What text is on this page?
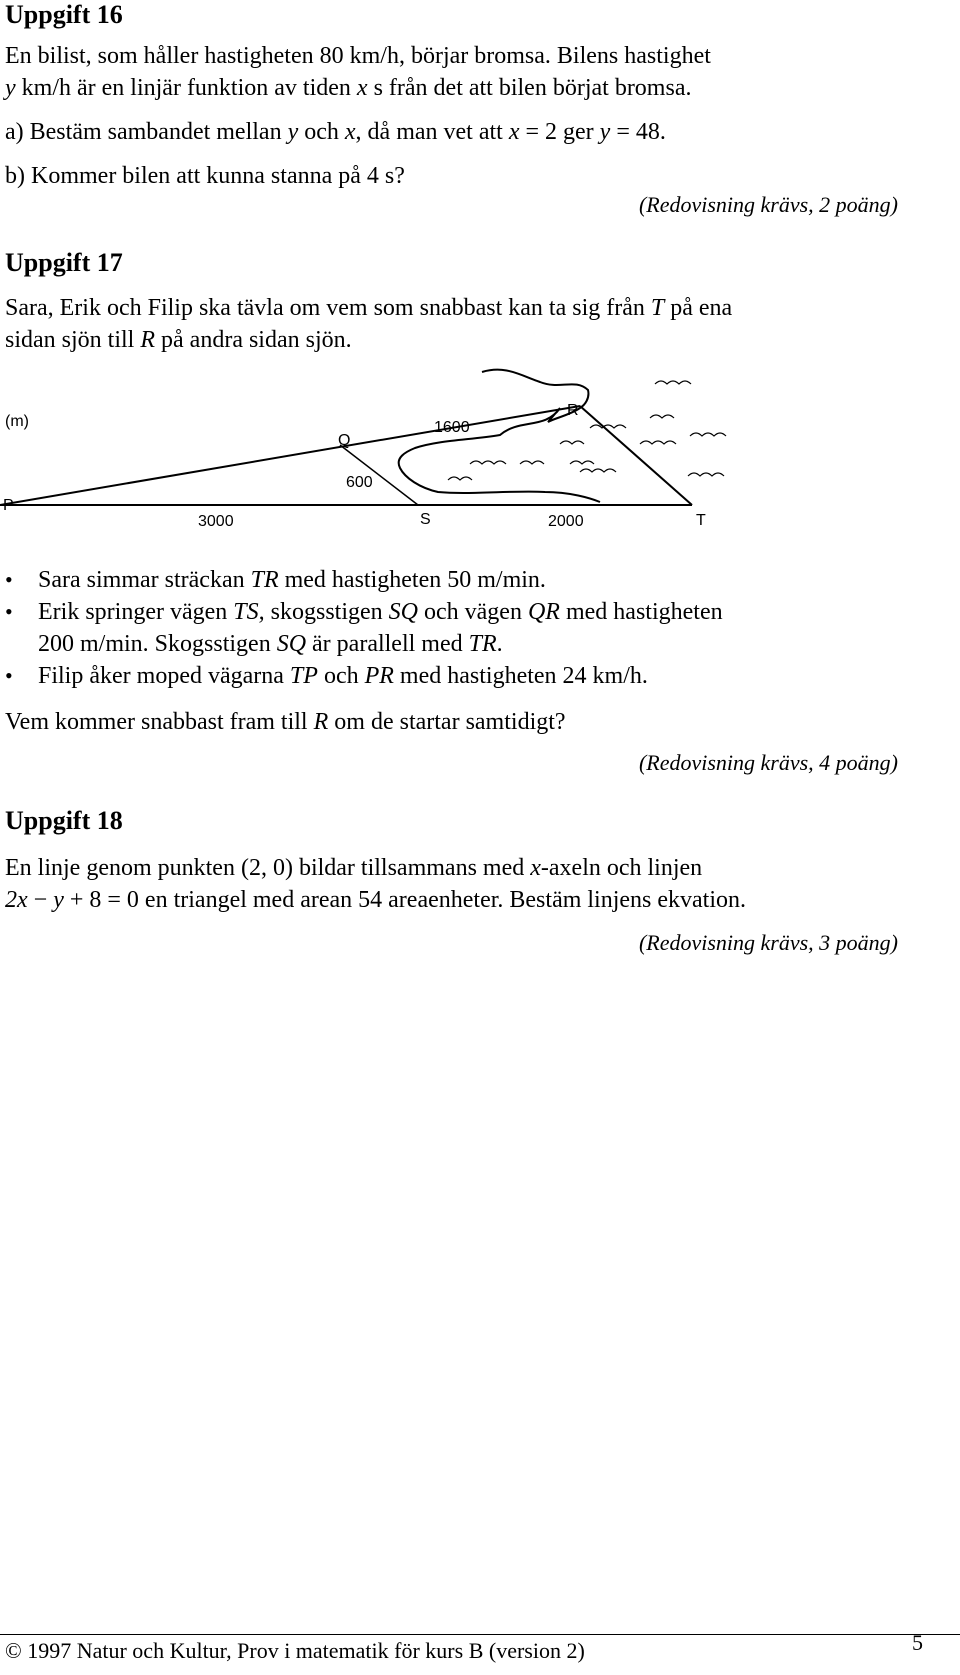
Uppgift 16

En bilist, som håller hastigheten 80 km/h, börjar bromsa. Bilens hastighet

y km/h är en linjär funktion av tiden x s från det att bilen börjat bromsa.

a) Bestäm sambandet mellan y och x, då man vet att x = 2 ger y = 48.
b) Kommer bilen att kunna stanna på 4 s?
(Redovisning krävs, 2 poäng)
Uppgift 17

Sara, Erik och Filip ska tävla om vem som snabbast kan ta sig från T på ena

sidan sjön till R på andra sidan sjön.

(m)
Q
1600
R
600
P
3000	S	2000	T
•	Sara simmar sträckan TR med hastigheten 50 m/min.
•	Erik springer vägen TS, skogsstigen SQ och vägen QR med hastigheten
200 m/min. Skogsstigen SQ är parallell med TR.
•	Filip åker moped vägarna TP och PR med hastigheten 24 km/h.
Vem kommer snabbast fram till R om de startar samtidigt?
(Redovisning krävs, 4 poäng)
Uppgift 18

En linje genom punkten (2, 0) bildar tillsammans med x-axeln och linjen

2x − y + 8 = 0 en triangel med arean 54 areaenheter. Bestäm linjens ekvation.

(Redovisning krävs, 3 poäng)
© 1997 Natur och Kultur, Prov i matematik för kurs B (version 2)	5
